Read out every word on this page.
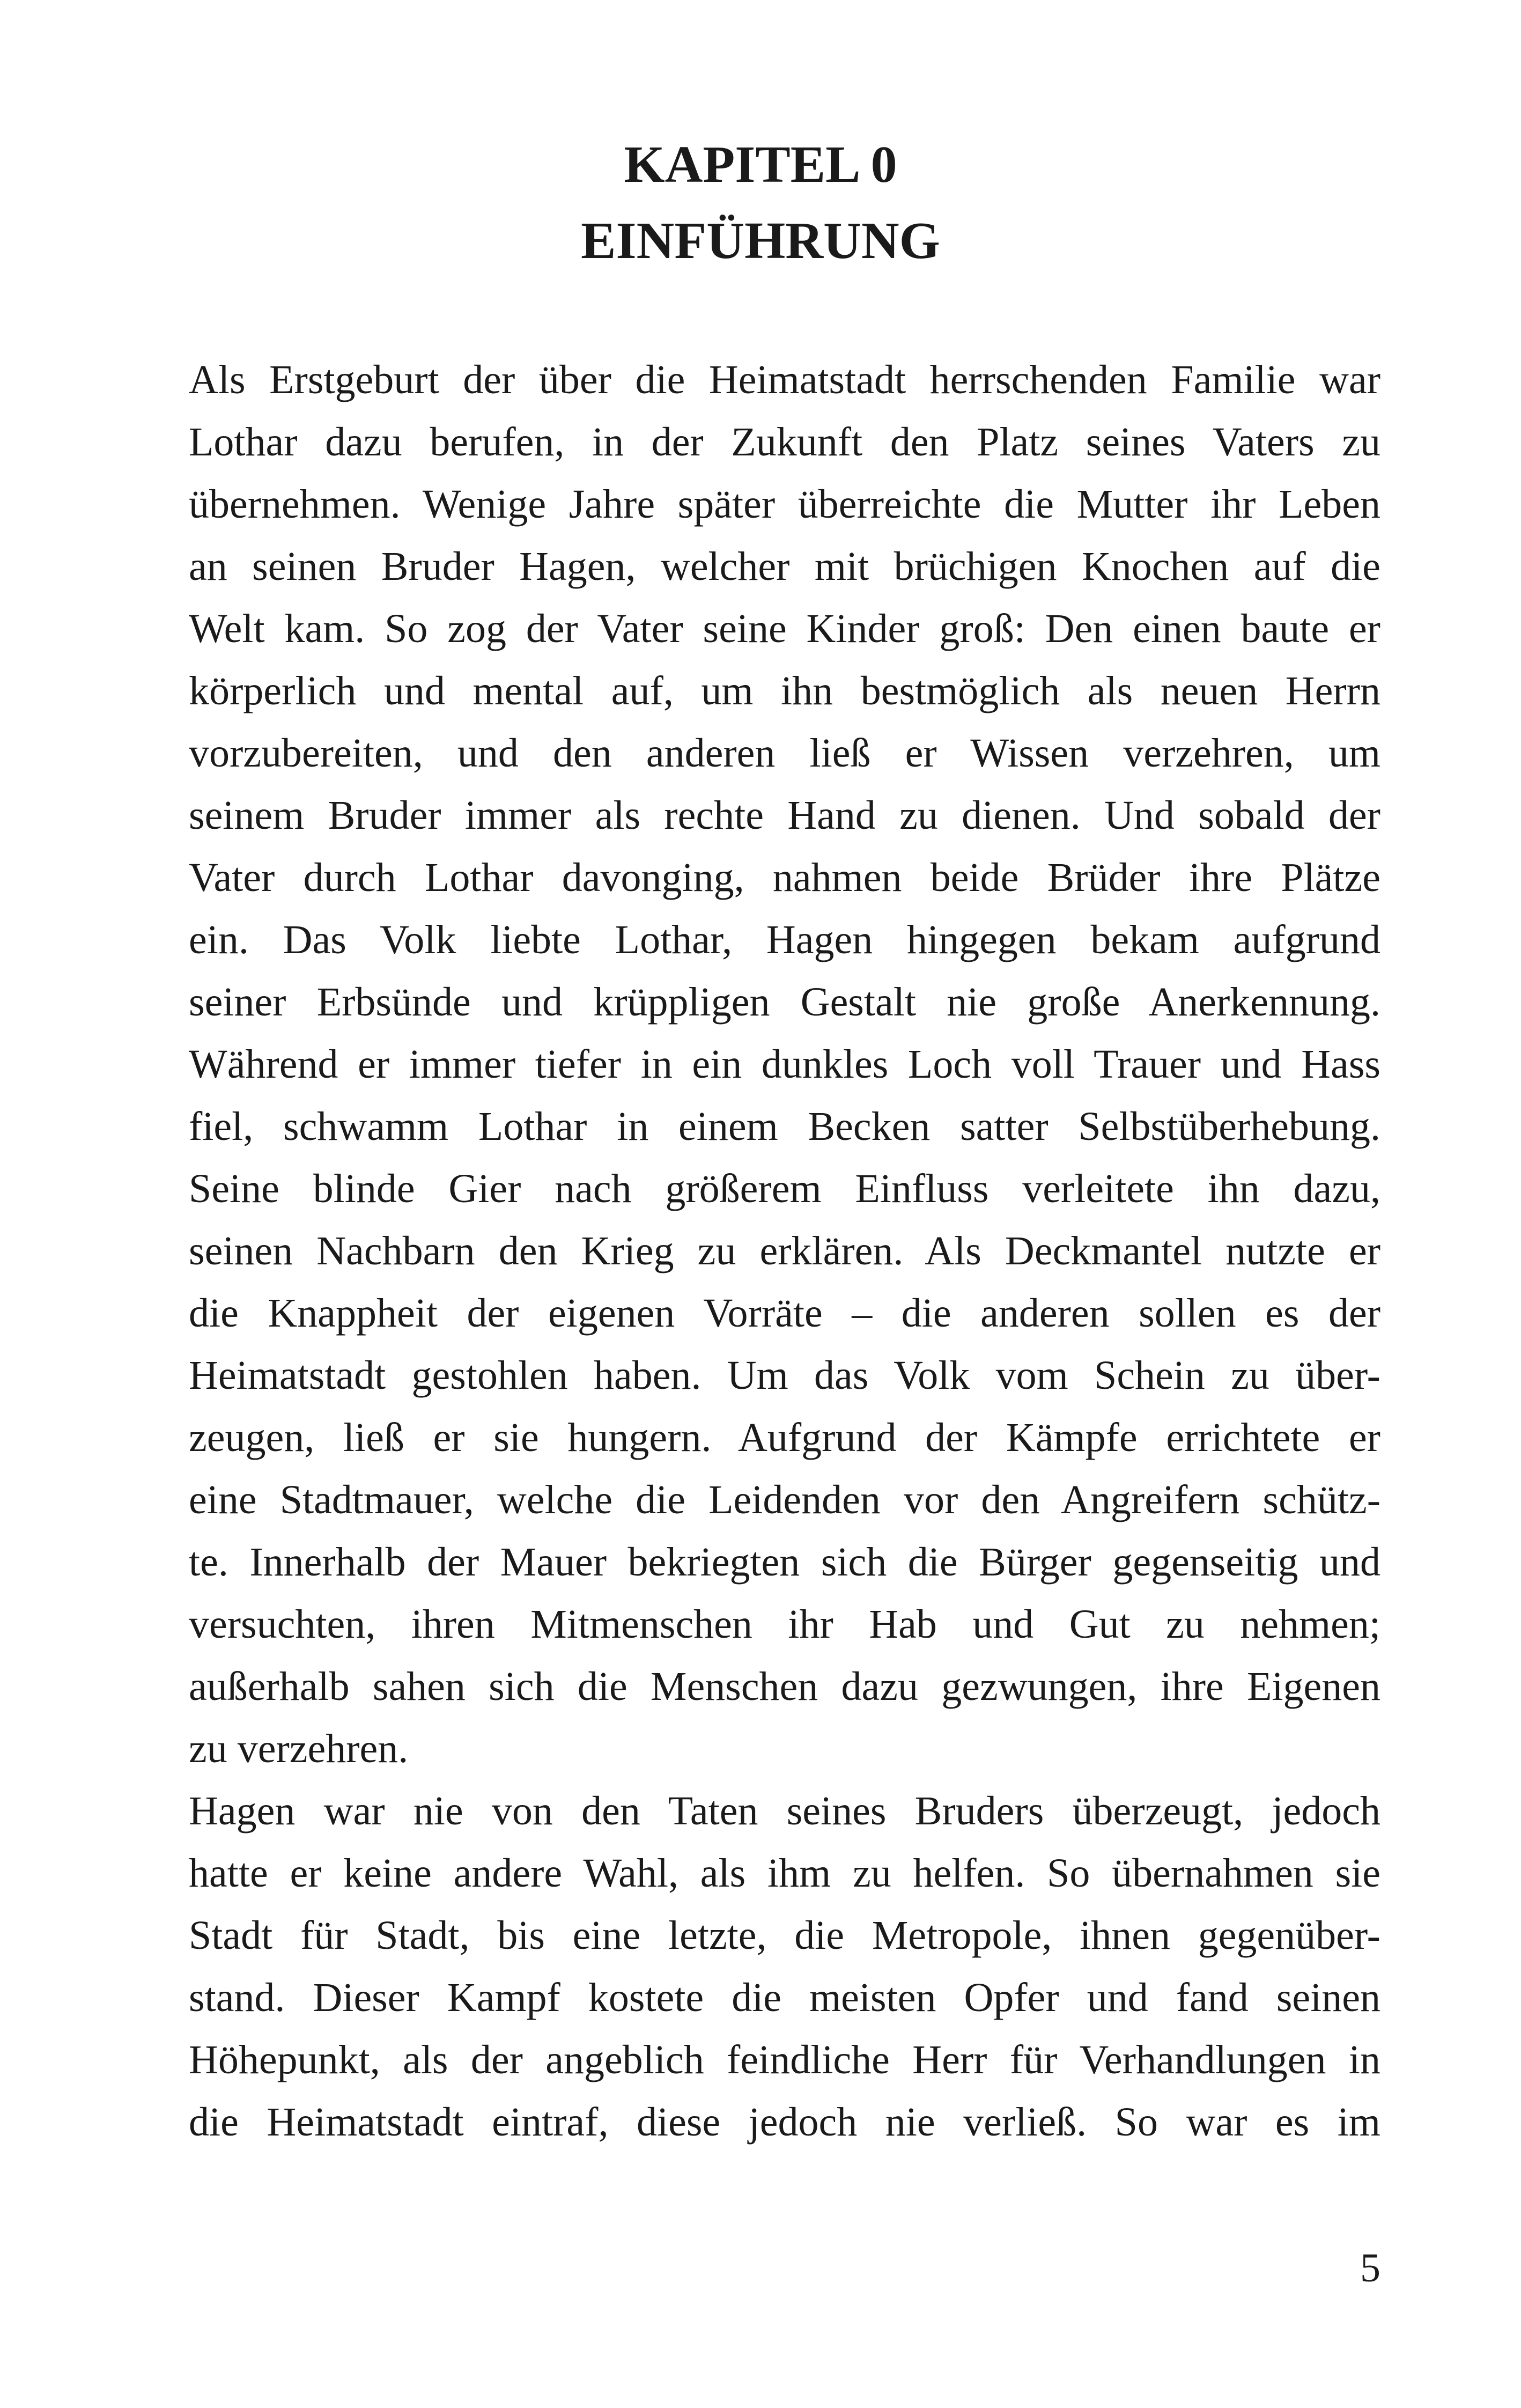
KAPITEL 0
EINFÜHRUNG
Als Erstgeburt der über die Heimatstadt herrschenden Familie war
Lothar dazu berufen, in der Zukunft den Platz seines Vaters zu
übernehmen. Wenige Jahre später überreichte die Mutter ihr Leben
an seinen Bruder Hagen, welcher mit brüchigen Knochen auf die
Welt kam. So zog der Vater seine Kinder groß: Den einen baute er
körperlich und mental auf, um ihn bestmöglich als neuen Herrn
vorzubereiten, und den anderen ließ er Wissen verzehren, um
seinem Bruder immer als rechte Hand zu dienen. Und sobald der
Vater durch Lothar davonging, nahmen beide Brüder ihre Plätze
ein. Das Volk liebte Lothar, Hagen hingegen bekam aufgrund
seiner Erbsünde und krüppligen Gestalt nie große Anerkennung.
Während er immer tiefer in ein dunkles Loch voll Trauer und Hass
fiel, schwamm Lothar in einem Becken satter Selbstüberhebung.
Seine blinde Gier nach größerem Einfluss verleitete ihn dazu,
seinen Nachbarn den Krieg zu erklären. Als Deckmantel nutzte er
die Knappheit der eigenen Vorräte – die anderen sollen es der
Heimatstadt gestohlen haben. Um das Volk vom Schein zu über-
zeugen, ließ er sie hungern. Aufgrund der Kämpfe errichtete er
eine Stadtmauer, welche die Leidenden vor den Angreifern schütz-
te. Innerhalb der Mauer bekriegten sich die Bürger gegenseitig und
versuchten, ihren Mitmenschen ihr Hab und Gut zu nehmen;
außerhalb sahen sich die Menschen dazu gezwungen, ihre Eigenen
zu verzehren.
Hagen war nie von den Taten seines Bruders überzeugt, jedoch
hatte er keine andere Wahl, als ihm zu helfen. So übernahmen sie
Stadt für Stadt, bis eine letzte, die Metropole, ihnen gegenüber-
stand. Dieser Kampf kostete die meisten Opfer und fand seinen
Höhepunkt, als der angeblich feindliche Herr für Verhandlungen in
die Heimatstadt eintraf, diese jedoch nie verließ. So war es im
5
